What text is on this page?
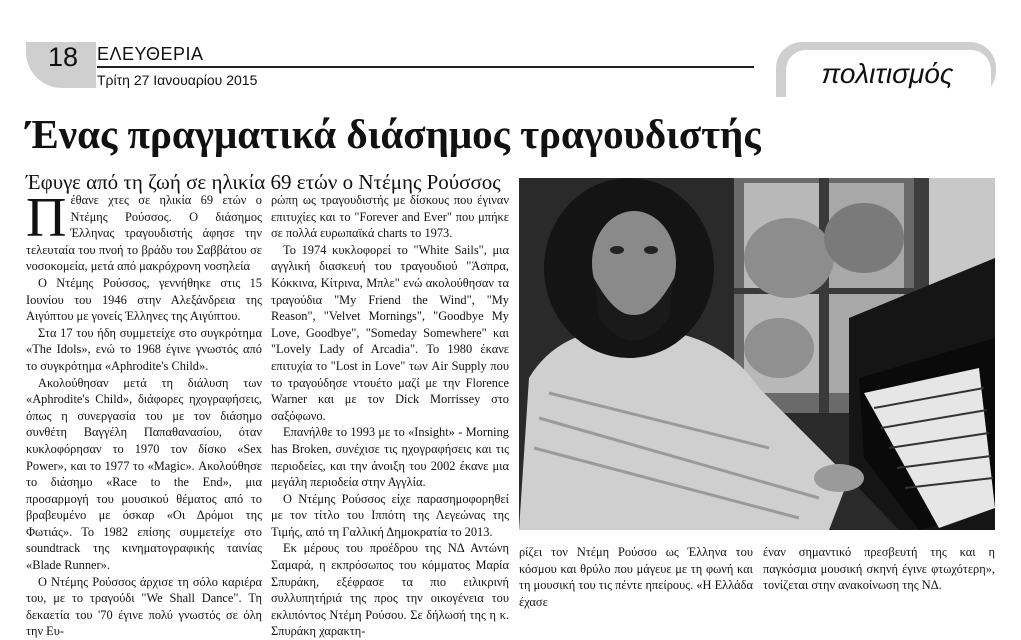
18 ΕΛΕΥΘΕΡΙΑ
Τρίτη 27 Ιανουαρίου 2015	πολιτισμός
Ένας πραγματικά διάσημος τραγουδιστής
Έφυγε από τη ζωή σε ηλικία 69 ετών ο Ντέμης Ρούσσος

Πέθανε χτες σε ηλικία 69 ετών ο Ντέμης Ρούσσος. Ο διάσημος Έλληνας τραγουδιστής άφησε την τελευταία του πνοή το βράδυ του Σαββάτου σε νοσοκομεία, μετά από μακρόχρονη νοσηλεία

Ο Ντέμης Ρούσσος, γεννήθηκε στις 15 Ιουνίου του 1946 στην Αλεξάνδρεια της Αιγύπτου με γονείς Έλληνες της Αιγύπτου.

Στα 17 του ήδη συμμετείχε στο συγκρότημα «The Idols», ενώ το 1968 έγινε γνωστός από το συγκρότημα «Aphrodite's Child».

Ακολούθησαν μετά τη διάλυση των «Aphrodite's Child», διάφορες ηχογραφήσεις, όπως η συνεργασία του με τον διάσημο συνθέτη Βαγγέλη Παπαθανασίου, όταν κυκλοφόρησαν το 1970 τον δίσκο «Sex Power», και το 1977 το «Magic». Ακολούθησε το διάσημο «Race to the End», μια προσαρμογή του μουσικού θέματος από το βραβευμένο με όσκαρ «Οι Δρόμοι της Φωτιάς». Το 1982 επίσης συμμετείχε στο soundtrack της κινηματογραφικής ταινίας «Blade Runner».

Ο Ντέμης Ρούσσος άρχισε τη σόλο καριέρα του, με το τραγούδι "We Shall Dance". Τη δεκαετία του '70 έγινε πολύ γνωστός σε όλη την Ευ-

ρώπη ως τραγουδιστής με δίσκους που έγιναν επιτυχίες και το "Forever and Ever" που μπήκε σε πολλά ευρωπαϊκά charts το 1973.

Το 1974 κυκλοφορεί το "White Sails", μια αγγλική διασκευή του τραγουδιού "Άσπρα, Κόκκινα, Κίτρινα, Μπλε" ενώ ακολούθησαν τα τραγούδια "My Friend the Wind", "My Reason", "Velvet Mornings", "Goodbye My Love, Goodbye", "Someday Somewhere" και "Lovely Lady of Arcadia". Το 1980 έκανε επιτυχία το "Lost in Love" των Air Supply που το τραγούδησε ντουέτο μαζί με την Florence Warner και με τον Dick Morrissey στο σαξόφωνο.

Επανήλθε το 1993 με το «Insight» - Morning has Broken, συνέχισε τις ηχογραφήσεις και τις περιοδείες, και την άνοιξη του 2002 έκανε μια μεγάλη περιοδεία στην Αγγλία.

Ο Ντέμης Ρούσσος είχε παρασημοφορηθεί με τον τίτλο του Ιππότη της Λεγεώνας της Τιμής, από τη Γαλλική Δημοκρατία το 2013.

Εκ μέρους του προέδρου της ΝΔ Αντώνη Σαμαρά, η εκπρόσωπος του κόμματος Μαρία Σπυράκη, εξέφρασε τα πιο ειλικρινή συλλυπητήριά της προς την οικογένεια του εκλιπόντος Ντέμη Ρούσου. Σε δήλωσή της η κ. Σπυράκη χαρακτη-

ρίζει τον Ντέμη Ρούσσο ως Έλληνα του κόσμου και θρύλο που μάγευε με τη φωνή και τη μουσική του τις πέντε ηπείρους. «Η Ελλάδα έχασε

έναν σημαντικό πρεσβευτή της και η παγκόσμια μουσική σκηνή έγινε φτωχότερη», τονίζεται στην ανακοίνωση της ΝΔ.
